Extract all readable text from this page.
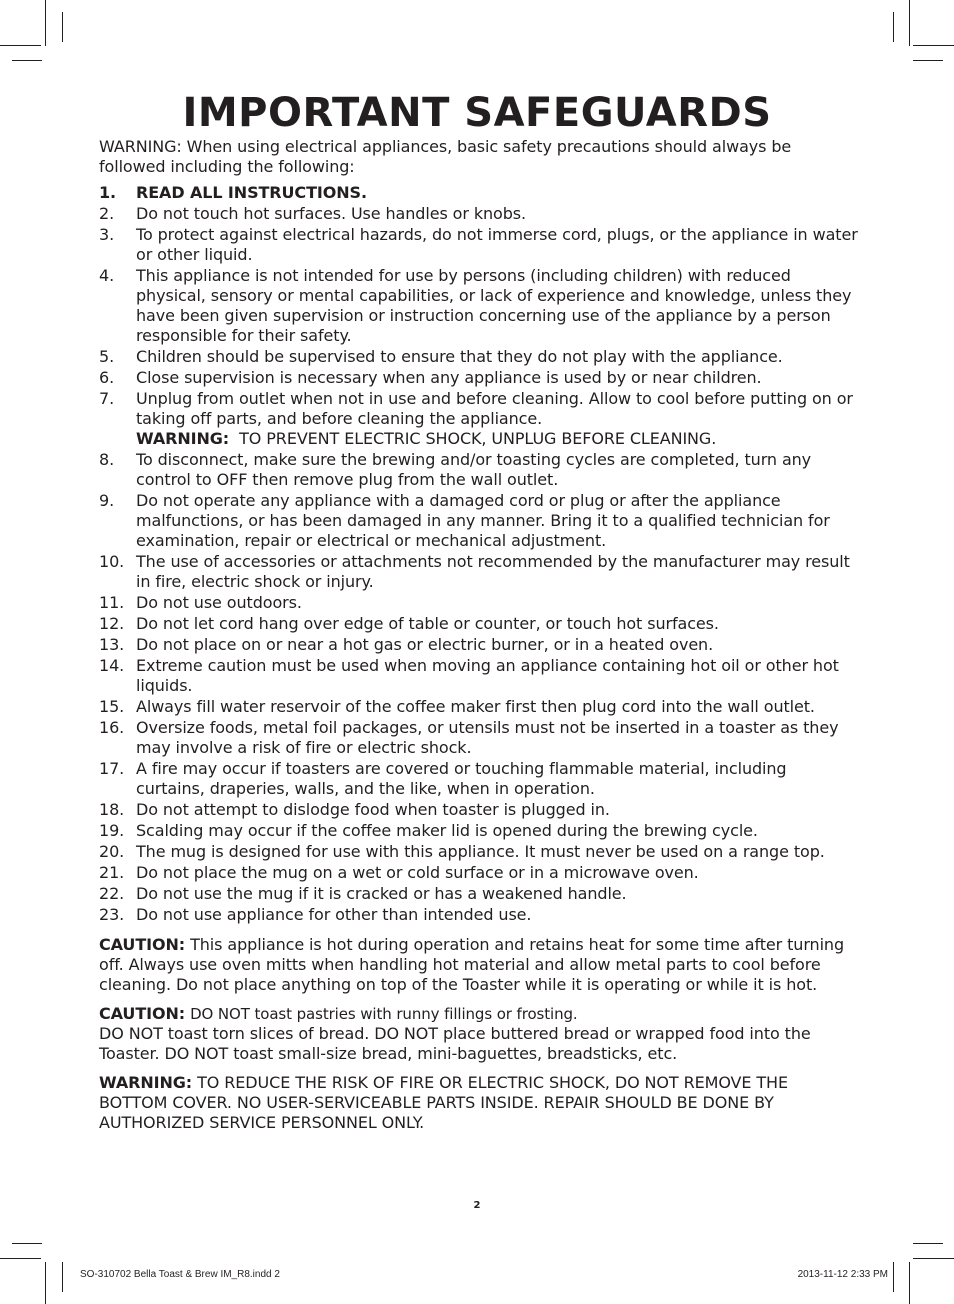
IMPORTANT SAFEGUARDS

WARNING: When using electrical appliances, basic safety precautions should always be followed including the following:

1.	READ ALL INSTRUCTIONS.
2.	Do not touch hot surfaces. Use handles or knobs.
3.	To protect against electrical hazards, do not immerse cord, plugs, or the appliance in water or other liquid.
4.	This appliance is not intended for use by persons (including children) with reduced physical, sensory or mental capabilities, or lack of experience and knowledge, unless they have been given supervision or instruction concerning use of the appliance by a person responsible for their safety.
5.	Children should be supervised to ensure that they do not play with the appliance.
6.	Close supervision is necessary when any appliance is used by or near children.
7.	Unplug from outlet when not in use and before cleaning. Allow to cool before putting on or taking off parts, and before cleaning the appliance.
WARNING: TO PREVENT ELECTRIC SHOCK, UNPLUG BEFORE CLEANING.
8.	To disconnect, make sure the brewing and/or toasting cycles are completed, turn any control to OFF then remove plug from the wall outlet.
9.	Do not operate any appliance with a damaged cord or plug or after the appliance malfunctions, or has been damaged in any manner. Bring it to a qualified technician for examination, repair or electrical or mechanical adjustment.
10. The use of accessories or attachments not recommended by the manufacturer may result in fire, electric shock or injury.
11. Do not use outdoors.
12. Do not let cord hang over edge of table or counter, or touch hot surfaces.
13. Do not place on or near a hot gas or electric burner, or in a heated oven.
14. Extreme caution must be used when moving an appliance containing hot oil or other hot liquids.
15. Always fill water reservoir of the coffee maker first then plug cord into the wall outlet.
16. Oversize foods, metal foil packages, or utensils must not be inserted in a toaster as they may involve a risk of fire or electric shock.
17. A fire may occur if toasters are covered or touching flammable material, including curtains, draperies, walls, and the like, when in operation.
18. Do not attempt to dislodge food when toaster is plugged in.
19. Scalding may occur if the coffee maker lid is opened during the brewing cycle.
20. The mug is designed for use with this appliance. It must never be used on a range top.
21. Do not place the mug on a wet or cold surface or in a microwave oven.
22. Do not use the mug if it is cracked or has a weakened handle.
23. Do not use appliance for other than intended use.

CAUTION: This appliance is hot during operation and retains heat for some time after turning off. Always use oven mitts when handling hot material and allow metal parts to cool before cleaning. Do not place anything on top of the Toaster while it is operating or while it is hot.

CAUTION: DO NOT toast pastries with runny fillings or frosting.
DO NOT toast torn slices of bread. DO NOT place buttered bread or wrapped food into the Toaster. DO NOT toast small-size bread, mini-baguettes, breadsticks, etc.

WARNING: TO REDUCE THE RISK OF FIRE OR ELECTRIC SHOCK, DO NOT REMOVE THE BOTTOM COVER. NO USER-SERVICEABLE PARTS INSIDE. REPAIR SHOULD BE DONE BY AUTHORIZED SERVICE PERSONNEL ONLY.

2
SO-310702 Bella Toast & Brew IM_R8.indd 2	2013-11-12 2:33 PM
